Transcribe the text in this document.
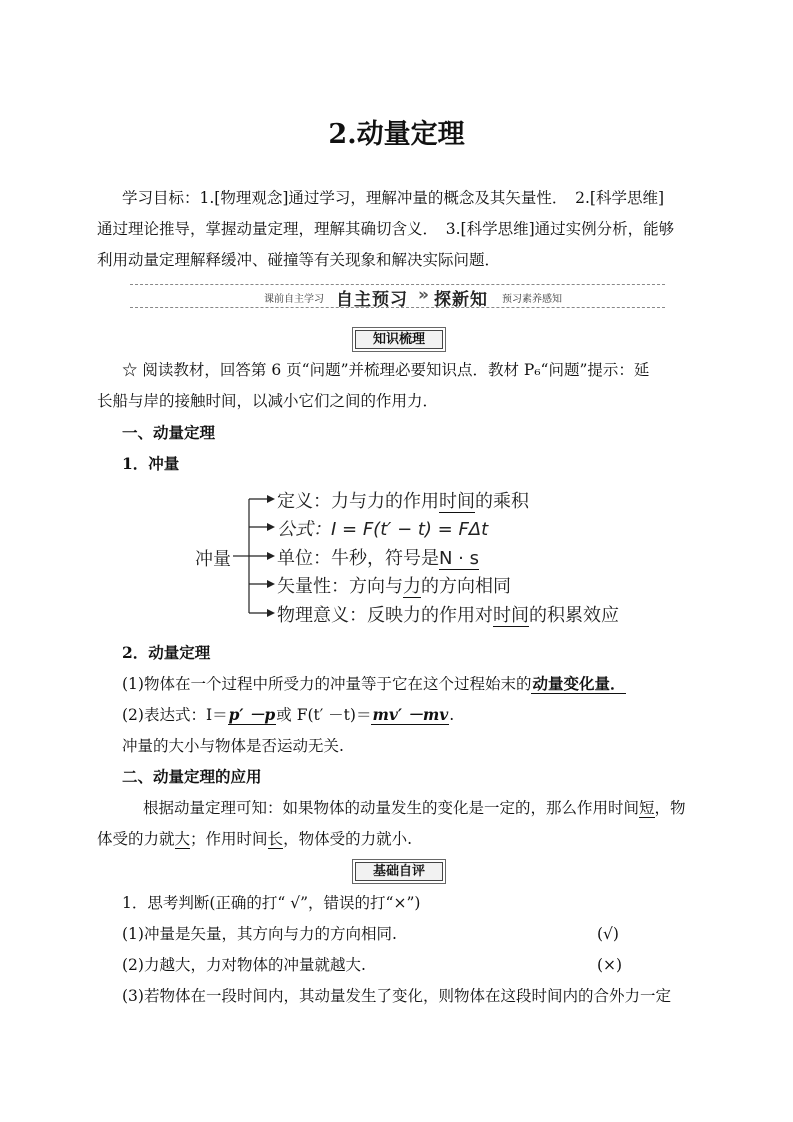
2.动量定理
学习目标：1.[物理观念]通过学习，理解冲量的概念及其矢量性．　2.[科学思维]
通过理论推导，掌握动量定理，理解其确切含义．　3.[科学思维]通过实例分析，能够
利用动量定理解释缓冲、碰撞等有关现象和解决实际问题．
课前自主学习 自主预习 » 探新知 预习素养感知
知识梳理
☆ 阅读教材，回答第 6 页“问题”并梳理必要知识点．教材 P₆“问题”提示：延
长船与岸的接触时间，以减小它们之间的作用力．
一、动量定理
1．冲量
冲量
定义：力与力的作用时间的乘积
公式：I = F(t′ − t) = FΔt
单位：牛秒，符号是N · s
矢量性：方向与力的方向相同
物理意义：反映力的作用对时间的积累效应
2．动量定理
(1)物体在一个过程中所受力的冲量等于它在这个过程始末的动量变化量．
(2)表达式：I＝p′ －p或 F(t′ －t)＝mv′ －mv.
冲量的大小与物体是否运动无关.
二、动量定理的应用
根据动量定理可知：如果物体的动量发生的变化是一定的，那么作用时间短，物
体受的力就大；作用时间长，物体受的力就小.
基础自评
1．思考判断(正确的打“ √”，错误的打“×”)
(1)冲量是矢量，其方向与力的方向相同.	(√)
(2)力越大，力对物体的冲量就越大.	(×)
(3)若物体在一段时间内，其动量发生了变化，则物体在这段时间内的合外力一定
